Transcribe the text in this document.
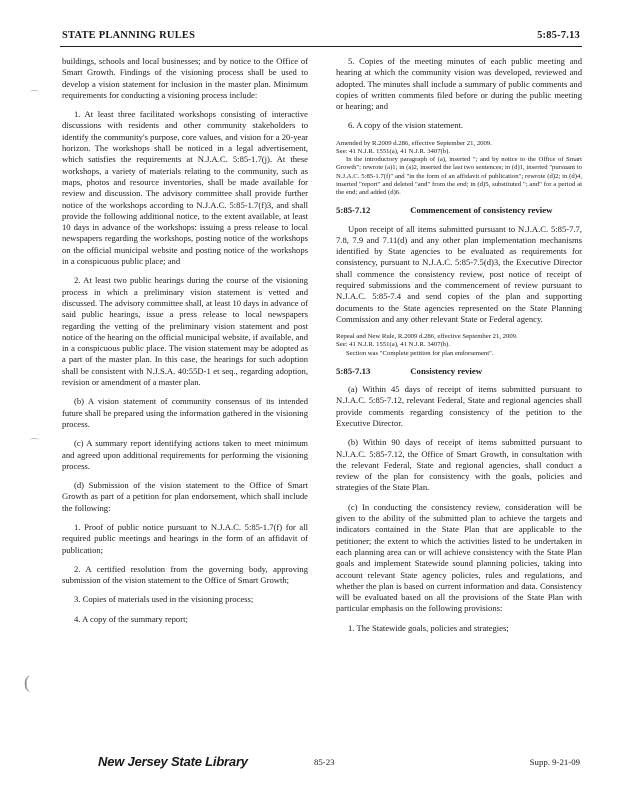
STATE PLANNING RULES	5:85-7.13

buildings, schools and local businesses; and by notice to the Office of Smart Growth. Findings of the visioning process shall be used to develop a vision statement for inclusion in the master plan. Minimum requirements for conducting a visioning process include:

1. At least three facilitated workshops consisting of interactive discussions with residents and other community stakeholders to identify the community's purpose, core values, and vision for a 20-year horizon. The workshops shall be noticed in a legal advertisement, which satisfies the requirements at N.J.A.C. 5:85-1.7(j). At these workshops, a variety of materials relating to the community, such as maps, photos and resource inventories, shall be made available for review and discussion. The advisory committee shall provide further notice of the workshops according to N.J.A.C. 5:85-1.7(f)3, and shall provide the following additional notice, to the extent available, at least 10 days in advance of the workshops: issuing a press release to local newspapers regarding the workshops, posting notice of the workshops on the official municipal website and posting notice of the workshops in a conspicuous public place; and

2. At least two public hearings during the course of the visioning process in which a preliminary vision statement is vetted and discussed. The advisory committee shall, at least 10 days in advance of said public hearings, issue a press release to local newspapers regarding the vetting of the preliminary vision statement and post notice of the hearing on the official municipal website, if available, and in a conspicuous public place. The vision statement may be adopted as a part of the master plan. In this case, the hearings for such adoption shall be consistent with N.J.S.A. 40:55D-1 et seq., regarding adoption, revision or amendment of a master plan.

(b) A vision statement of community consensus of its intended future shall be prepared using the information gathered in the visioning process.

(c) A summary report identifying actions taken to meet minimum and agreed upon additional requirements for performing the visioning process.

(d) Submission of the vision statement to the Office of Smart Growth as part of a petition for plan endorsement, which shall include the following:

1. Proof of public notice pursuant to N.J.A.C. 5:85-1.7(f) for all required public meetings and hearings in the form of an affidavit of publication;

2. A certified resolution from the governing body, approving submission of the vision statement to the Office of Smart Growth;

3. Copies of materials used in the visioning process;

4. A copy of the summary report;

5. Copies of the meeting minutes of each public meeting and hearing at which the community vision was developed, reviewed and adopted. The minutes shall include a summary of public comments and copies of written comments filed before or during the public meeting or hearing; and

6. A copy of the vision statement.

Amended by R.2009 d.286, effective September 21, 2009.
See: 41 N.J.R. 1551(a), 41 N.J.R. 3407(b).
In the introductory paragraph of (a), inserted "; and by notice to the Office of Smart Growth"; rewrote (a)1; in (a)2, inserted the last two sentences; in (d)1, inserted "pursuant to N.J.A.C. 5:85-1.7(f)" and "in the form of an affidavit of publication"; rewrote (d)2; in (d)4, inserted "report" and deleted "and" from the end; in (d)5, substituted "; and" for a period at the end; and added (d)6.
5:85-7.12	Commencement of consistency review

Upon receipt of all items submitted pursuant to N.J.A.C. 5:85-7.7, 7.8, 7.9 and 7.11(d) and any other plan implementation mechanisms identified by State agencies to be evaluated as requirements for consistency, pursuant to N.J.A.C. 5:85-7.5(d)3, the Executive Director shall commence the consistency review, post notice of receipt of required submissions and the commencement of review pursuant to N.J.A.C. 5:85-7.4 and send copies of the plan and supporting documents to the State agencies represented on the State Planning Commission and any other relevant State or Federal agency.

Repeal and New Rule, R.2009 d.286, effective September 21, 2009.
See: 41 N.J.R. 1551(a), 41 N.J.R. 3407(b).
Section was "Complete petition for plan endorsement".
5:85-7.13	Consistency review

(a) Within 45 days of receipt of items submitted pursuant to N.J.A.C. 5:85-7.12, relevant Federal, State and regional agencies shall provide comments regarding consistency of the petition to the Executive Director.

(b) Within 90 days of receipt of items submitted pursuant to N.J.A.C. 5:85-7.12, the Office of Smart Growth, in consultation with the relevant Federal, State and regional agencies, shall conduct a review of the plan for consistency with the goals, policies and strategies of the State Plan.

(c) In conducting the consistency review, consideration will be given to the ability of the submitted plan to achieve the targets and indicators contained in the State Plan that are applicable to the petitioner; the extent to which the activities listed to be undertaken in each planning area can or will achieve consistency with the State Plan goals and implement Statewide sound planning policies, taking into account relevant State agency policies, rules and regulations, and whether the plan is based on current information and data. Consistency will be evaluated based on all the provisions of the State Plan with particular emphasis on the following provisions:

1. The Statewide goals, policies and strategies;

⌒
⌒
(
New Jersey State Library	85-23	Supp. 9-21-09
